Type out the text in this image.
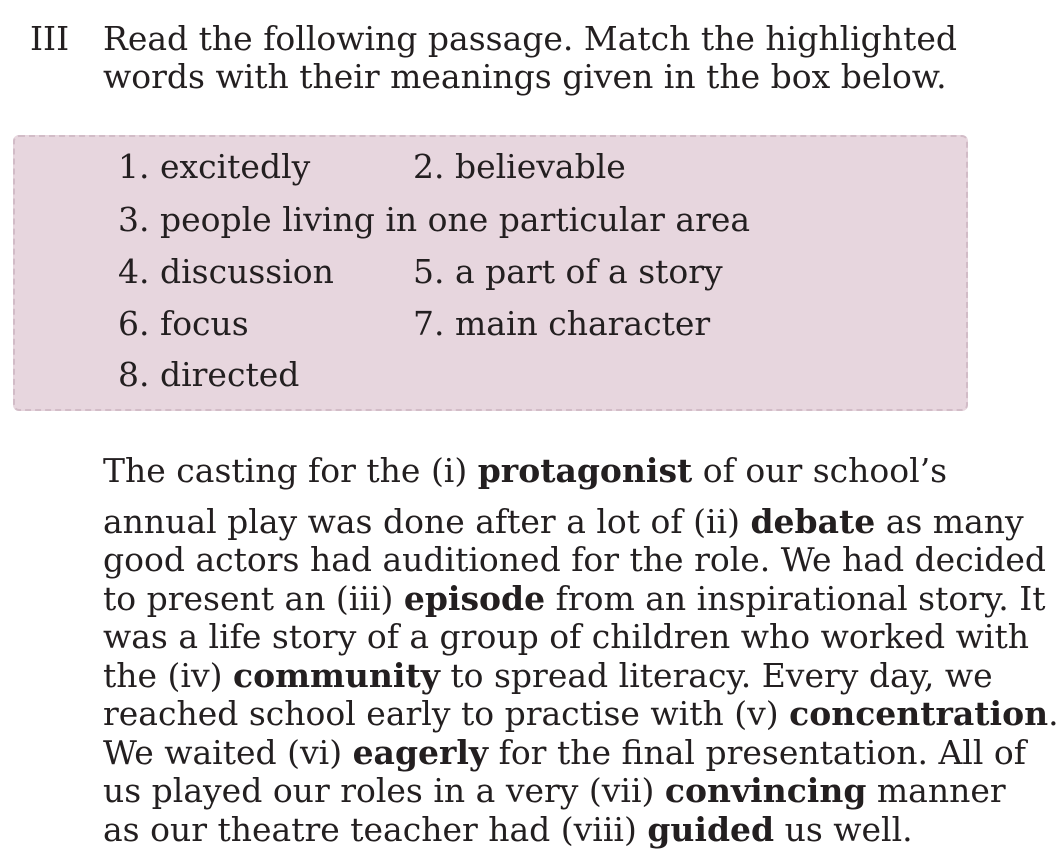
III Read the following passage. Match the highlighted
words with their meanings given in the box below.
1. excitedly	2. believable
3. people living in one particular area
4. discussion 5. a part of a story
6. focus	7. main character
8. directed
The casting for the (i) protagonist of our school’s
annual play was done after a lot of (ii) debate as many
good actors had auditioned for the role. We had decided
to present an (iii) episode from an inspirational story. It
was a life story of a group of children who worked with
the (iv) community to spread literacy. Every day, we
reached school early to practise with (v) concentration.
We waited (vi) eagerly for the final presentation. All of
us played our roles in a very (vii) convincing manner
as our theatre teacher had (viii) guided us well.
